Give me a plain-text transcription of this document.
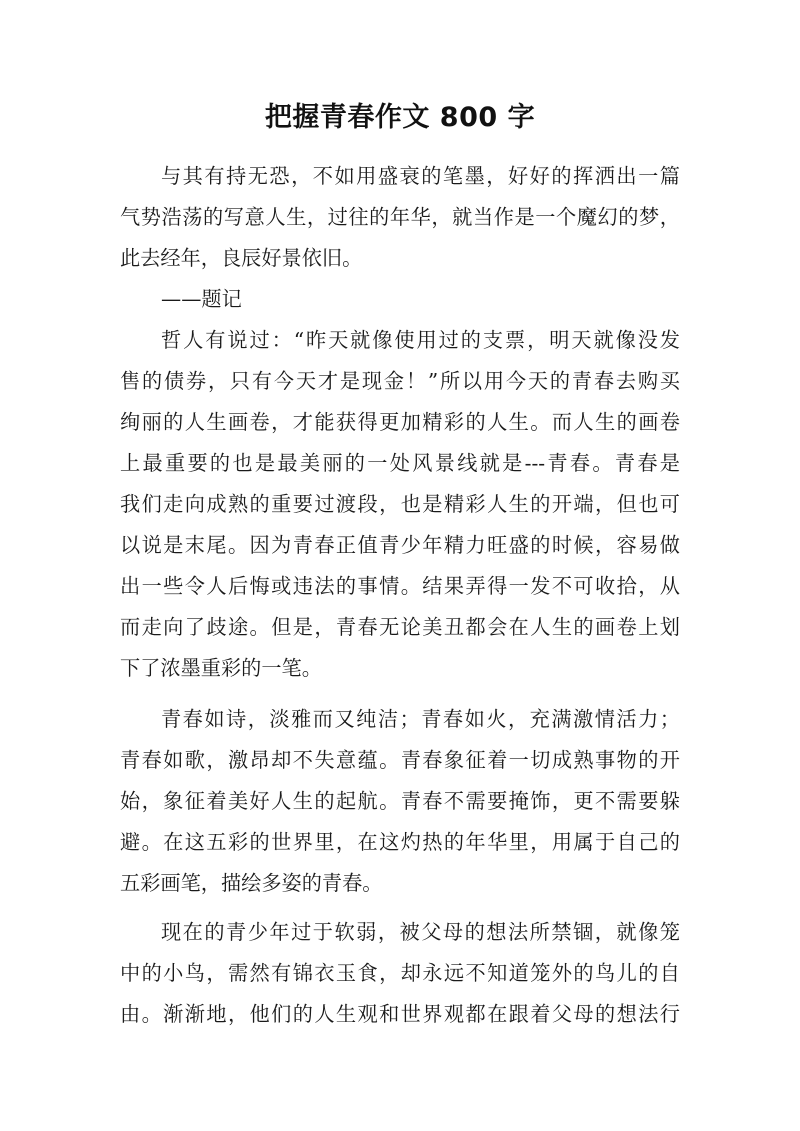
把握青春作文 800 字
与其有持无恐，不如用盛衰的笔墨，好好的挥洒出一篇
气势浩荡的写意人生，过往的年华，就当作是一个魔幻的梦，
此去经年，良辰好景依旧。
——题记
哲人有说过：“昨天就像使用过的支票，明天就像没发
售的债券，只有今天才是现金！”所以用今天的青春去购买
绚丽的人生画卷，才能获得更加精彩的人生。而人生的画卷
上最重要的也是最美丽的一处风景线就是---青春。青春是
我们走向成熟的重要过渡段，也是精彩人生的开端，但也可
以说是末尾。因为青春正值青少年精力旺盛的时候，容易做
出一些令人后悔或违法的事情。结果弄得一发不可收拾，从
而走向了歧途。但是，青春无论美丑都会在人生的画卷上划
下了浓墨重彩的一笔。
青春如诗，淡雅而又纯洁；青春如火，充满激情活力；
青春如歌，激昂却不失意蕴。青春象征着一切成熟事物的开
始，象征着美好人生的起航。青春不需要掩饰，更不需要躲
避。在这五彩的世界里，在这灼热的年华里，用属于自己的
五彩画笔，描绘多姿的青春。
现在的青少年过于软弱，被父母的想法所禁锢，就像笼
中的小鸟，需然有锦衣玉食，却永远不知道笼外的鸟儿的自
由。渐渐地，他们的人生观和世界观都在跟着父母的想法行
